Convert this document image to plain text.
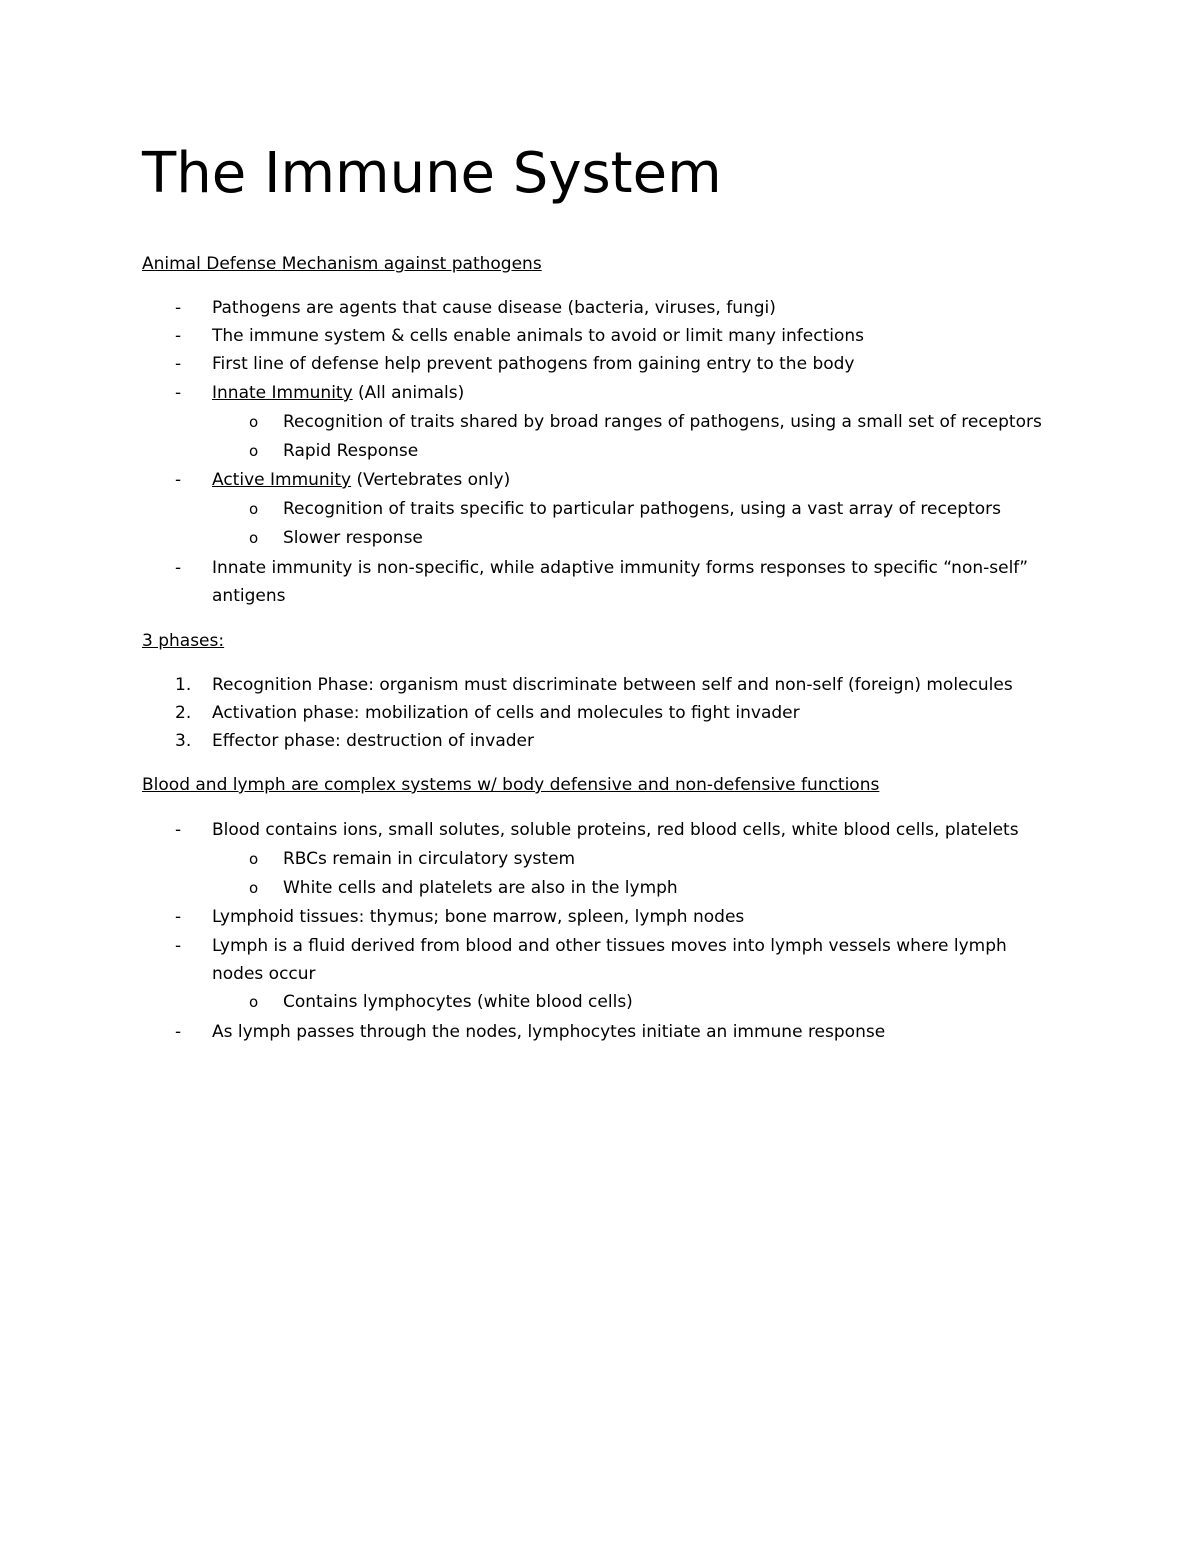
The Immune System
Animal Defense Mechanism against pathogens
-	Pathogens are agents that cause disease (bacteria, viruses, fungi)
-	The immune system & cells enable animals to avoid or limit many infections
-	First line of defense help prevent pathogens from gaining entry to the body
-	Innate Immunity (All animals)
o Recognition of traits shared by broad ranges of pathogens, using a small set of receptors
o Rapid Response
-	Active Immunity (Vertebrates only)
o Recognition of traits specific to particular pathogens, using a vast array of receptors
o Slower response
-	Innate immunity is non-specific, while adaptive immunity forms responses to specific “non-self”
antigens
3 phases:
1. Recognition Phase: organism must discriminate between self and non-self (foreign) molecules
2. Activation phase: mobilization of cells and molecules to fight invader
3. Effector phase: destruction of invader
Blood and lymph are complex systems w/ body defensive and non-defensive functions
-	Blood contains ions, small solutes, soluble proteins, red blood cells, white blood cells, platelets
o RBCs remain in circulatory system
o White cells and platelets are also in the lymph
-	Lymphoid tissues: thymus; bone marrow, spleen, lymph nodes
-	Lymph is a fluid derived from blood and other tissues moves into lymph vessels where lymph
nodes occur
o Contains lymphocytes (white blood cells)
-	As lymph passes through the nodes, lymphocytes initiate an immune response
